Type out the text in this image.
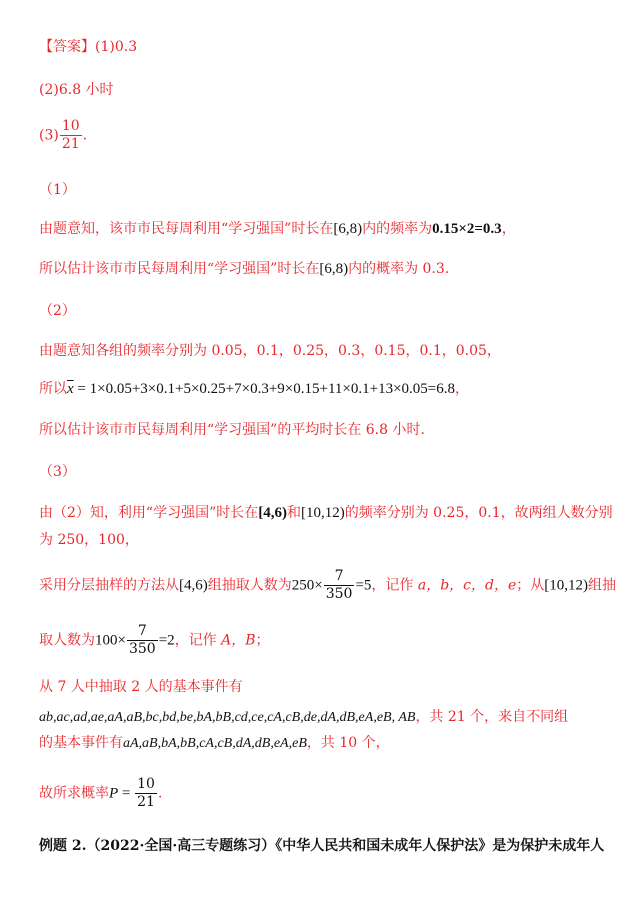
【答案】(1)0.3
(2)6.8 小时
$(3) \frac{10}{21}$ .
（1）
由题意知，该市市民每周利用“学习强国”时长在[6,8)内的频率为0.15×2=0.3，
所以估计该市市民每周利用“学习强国”时长在[6,8)内的概率为 0.3.
（2）
由题意知各组的频率分别为 0.05，0.1，0.25，0.3，0.15，0.1，0.05，
所以$\overline{x} = 1\times 0.05+3\times 0.1+5\times 0.25+7\times 0.3+9\times 0.15+11\times 0.1+13\times 0.05=6.8$，
所以估计该市市民每周利用“学习强国”的平均时长在 6.8 小时.
（3）
由（2）知，利用“学习强国”时长在[4,6)和[10,12)的频率分别为 0.25，0.1，故两组人数分别
为 250，100，
采用分层抽样的方法从[4,6)组抽取人数为$250\times \frac{7}{350} =5$，记作 a，b，c，d，e；从[10,12)组抽
取人数为$100\times \frac{7}{350} =2$，记作 A，B；
从 7 人中抽取 2 人的基本事件有
ab,ac,ad,ae,aA,aB,bc,bd,be,bA,bB,cd,ce,cA,cB,de,dA,dB,eA,eB, AB，共 21 个，来自不同组
的基本事件有aA,aB,bA,bB,cA,cB,dA,dB,eA,eB，共 10 个，
故所求概率$P = \frac{10}{21}$ .
例题 2.（2022·全国·高三专题练习）《中华人民共和国未成年人保护法》是为保护未成年人
